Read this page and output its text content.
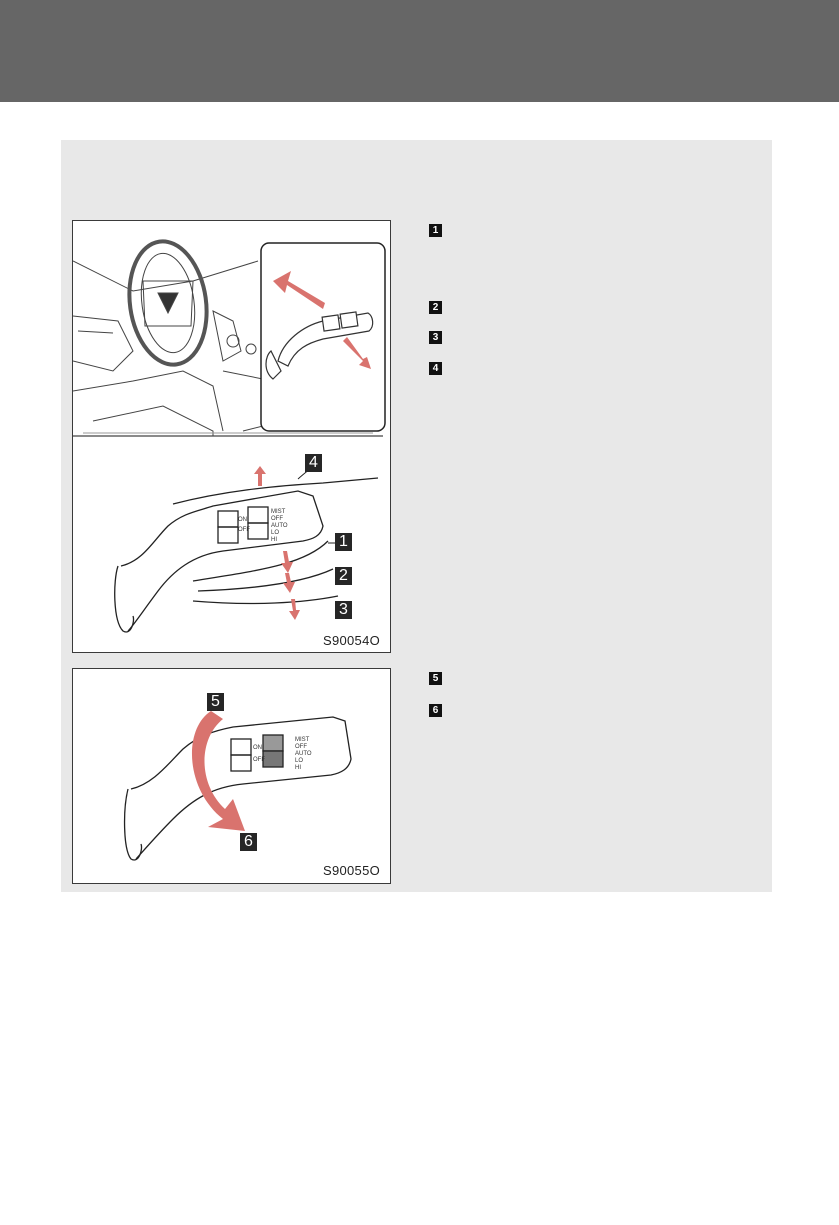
MIST
OFF
AUTO
LO
HI
ON
OFF
4
1
2
3
S90054O
MIST
OFF
AUTO
LO
HI
ON
OFF
5
6
S90055O
1
2
3
4
5
6
